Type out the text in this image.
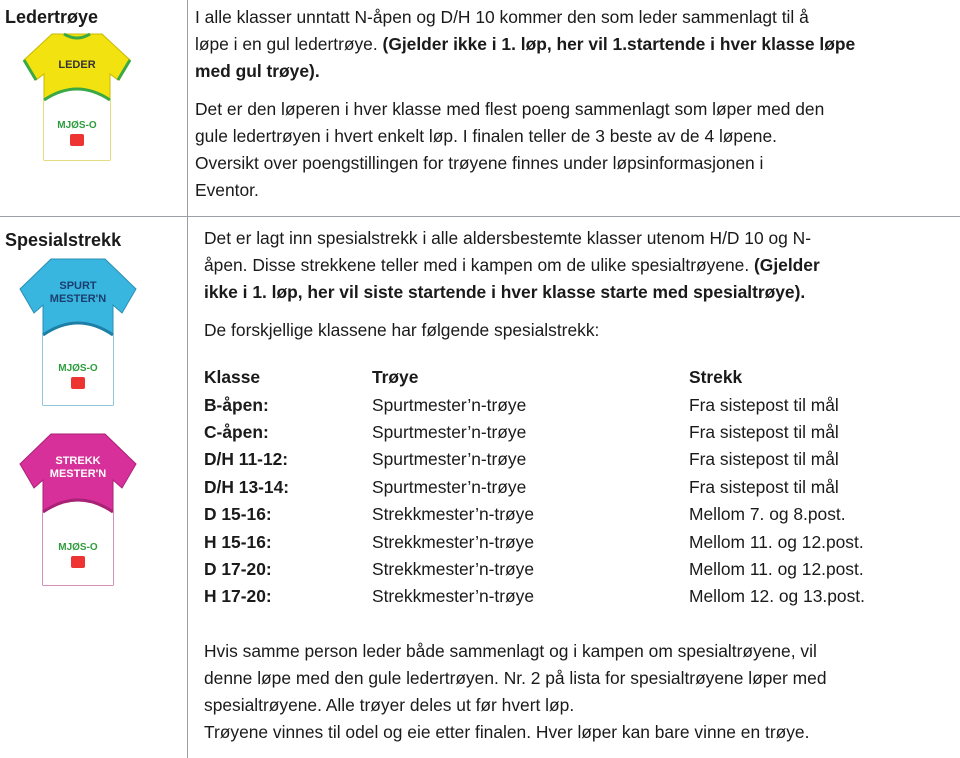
Ledertrøye
LEDER
MJØS-O
I alle klasser unntatt N-åpen og D/H 10 kommer den som leder sammenlagt til å
løpe i en gul ledertrøye. (Gjelder ikke i 1. løp, her vil 1.startende i hver klasse løpe
med gul trøye).
Det er den løperen i hver klasse med flest poeng sammenlagt som løper med den
gule ledertrøyen i hvert enkelt løp. I finalen teller de 3 beste av de 4 løpene.
Oversikt over poengstillingen for trøyene finnes under løpsinformasjonen i
Eventor.
Spesialstrekk
SPURT
MESTER'N
MJØS-O
STREKK
MESTER'N
MJØS-O
Det er lagt inn spesialstrekk i alle aldersbestemte klasser utenom H/D 10 og N-
åpen. Disse strekkene teller med i kampen om de ulike spesialtrøyene. (Gjelder
ikke i 1. løp, her vil siste startende i hver klasse starte med spesialtrøye).
De forskjellige klassene har følgende spesialstrekk:
Klasse	Trøye	Strekk
B-åpen:	Spurtmester’n-trøye	Fra sistepost til mål
C-åpen:	Spurtmester’n-trøye	Fra sistepost til mål
D/H 11-12:	Spurtmester’n-trøye	Fra sistepost til mål
D/H 13-14:	Spurtmester’n-trøye	Fra sistepost til mål
D 15-16:	Strekkmester’n-trøye	Mellom 7. og 8.post.
H 15-16:	Strekkmester’n-trøye	Mellom 11. og 12.post.
D 17-20:	Strekkmester’n-trøye	Mellom 11. og 12.post.
H 17-20:	Strekkmester’n-trøye	Mellom 12. og 13.post.
Hvis samme person leder både sammenlagt og i kampen om spesialtrøyene, vil
denne løpe med den gule ledertrøyen. Nr. 2 på lista for spesialtrøyene løper med
spesialtrøyene. Alle trøyer deles ut før hvert løp.
Trøyene vinnes til odel og eie etter finalen. Hver løper kan bare vinne en trøye.
